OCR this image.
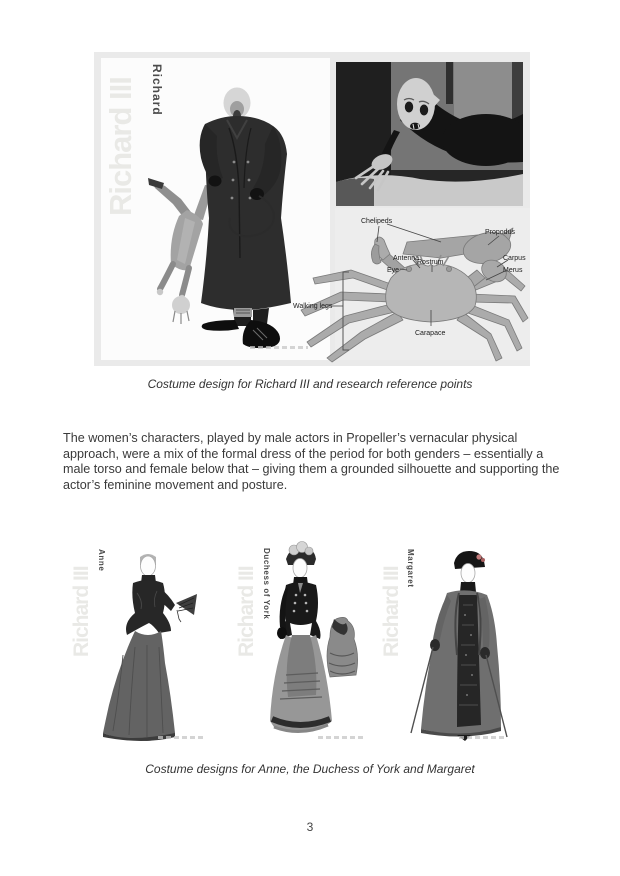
Richard III Richard
Chelipeds
Propodus
Carpus
Merus
Antenna
Rostrum
Eye
Walking legs
Carapace
Costume design for Richard III and research reference points

The women’s characters, played by male actors in Propeller’s vernacular physical approach, were a mix of the formal dress of the period for both genders – essentially a male torso and female below that – giving them a grounded silhouette and supporting the actor’s feminine movement and posture.

Richard III
Anne
Richard III Duchess of York	Richard III Margaret
Costume designs for Anne, the Duchess of York and Margaret
3
